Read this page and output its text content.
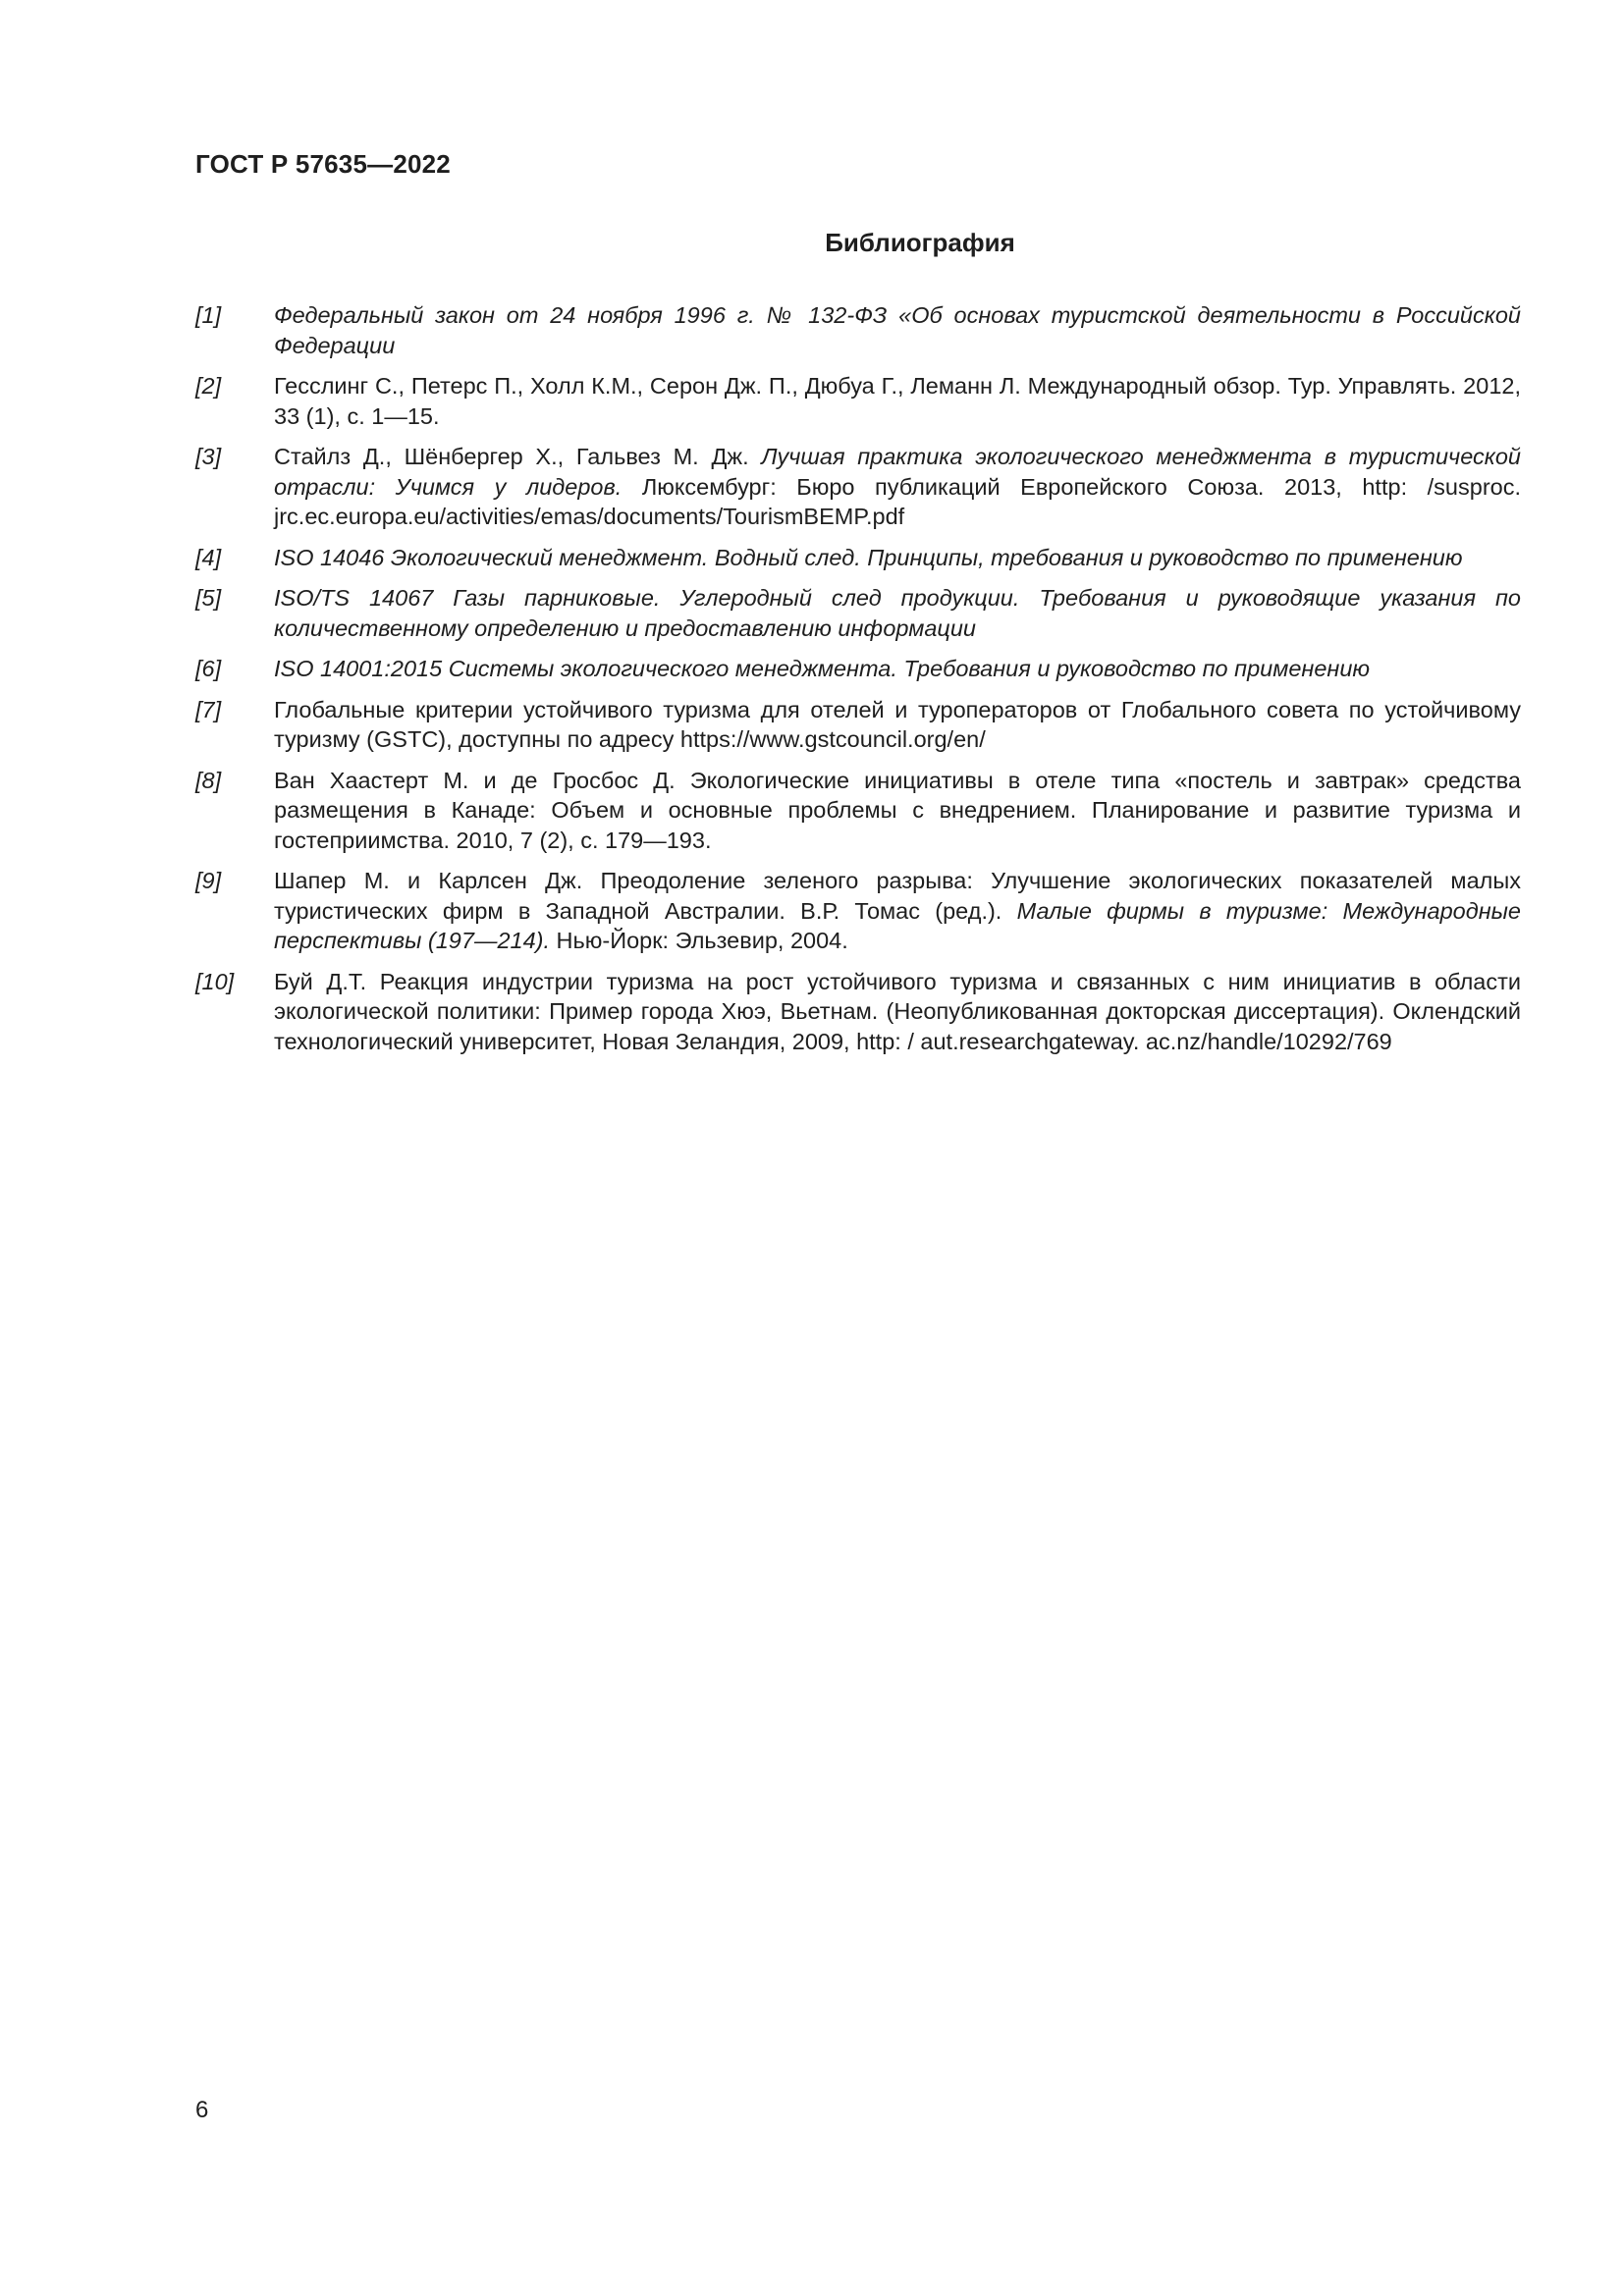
ГОСТ Р 57635—2022
Библиография
[1]	Федеральный закон от 24 ноября 1996 г. № 132-ФЗ «Об основах туристской деятельности в Российской Федерации
[2]	Гесслинг С., Петерс П., Холл К.М., Серон Дж. П., Дюбуа Г., Леманн Л. Международный обзор. Тур. Управлять. 2012, 33 (1), с. 1—15.
[3]	Стайлз Д., Шёнбергер Х., Гальвез М. Дж. Лучшая практика экологического менеджмента в туристической отрасли: Учимся у лидеров. Люксембург: Бюро публикаций Европейского Союза. 2013, http: /susproc. jrc.ec.europa.eu/activities/emas/documents/TourismBEMP.pdf
[4]	ISO 14046 Экологический менеджмент. Водный след. Принципы, требования и руководство по применению
[5]	ISO/TS 14067 Газы парниковые. Углеродный след продукции. Требования и руководящие указания по количественному определению и предоставлению информации
[6]	ISO 14001:2015 Системы экологического менеджмента. Требования и руководство по применению
[7]	Глобальные критерии устойчивого туризма для отелей и туроператоров от Глобального совета по устойчивому туризму (GSTC), доступны по адресу https://www.gstcouncil.org/en/
[8]	Ван Хаастерт М. и де Гросбос Д. Экологические инициативы в отеле типа «постель и завтрак» средства размещения в Канаде: Объем и основные проблемы с внедрением. Планирование и развитие туризма и гостеприимства. 2010, 7 (2), с. 179—193.
[9]	Шапер М. и Карлсен Дж. Преодоление зеленого разрыва: Улучшение экологических показателей малых туристических фирм в Западной Австралии. В.Р. Томас (ред.). Малые фирмы в туризме: Международные перспективы (197—214). Нью-Йорк: Эльзевир, 2004.
[10]	Буй Д.Т. Реакция индустрии туризма на рост устойчивого туризма и связанных с ним инициатив в области экологической политики: Пример города Хюэ, Вьетнам. (Неопубликованная докторская диссертация). Оклендский технологический университет, Новая Зеландия, 2009, http: / aut.researchgateway. ac.nz/handle/10292/769
6
